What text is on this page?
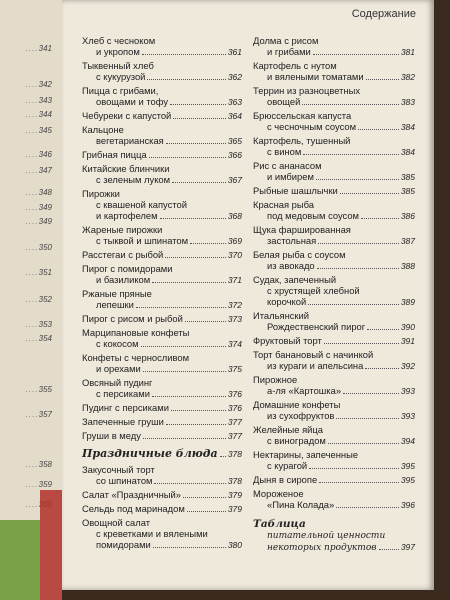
....341
....342
....343
....344
....345
....346
....347
....348
....349
....349
....350
....351
....352
....353
....354
....355
....357
....358
....359
....
Содержание
Хлеб с чесноком
и укропом	361
Тыквенный хлеб
с кукурузой	362
Пицца с грибами,
овощами и тофу	363
Чебуреки с капустой	364
Кальцоне
вегетарианская	365
Грибная пицца	366
Китайские блинчики
с зеленым луком	367
Пирожки
с квашеной капустой
и картофелем	368
Жареные пирожки
с тыквой и шпинатом	369
Расстегаи с рыбой	370
Пирог с помидорами
и базиликом	371
Ржаные пряные
лепешки	372
Пирог с рисом и рыбой	373
Марципановые конфеты
с кокосом	374
Конфеты с черносливом
и орехами	375
Овсяный пудинг
с персиками	376
Пудинг с персиками	376
Запеченные груши	377
Груши в меду	377
Праздничные блюда 378
Закусочный торт
со шпинатом	378
Салат «Праздничный»	379
Сельдь под маринадом	379
Овощной салат
с креветками и вялеными
помидорами	380
Долма с рисом
и грибами	381
Картофель с нутом
и вялеными томатами	382
Террин из разноцветных
овощей	383
Брюссельская капуста
с чесночным соусом	384
Картофель, тушенный
с вином	384
Рис с ананасом
и имбирем	385
Рыбные шашлычки	385
Красная рыба
под медовым соусом	386
Щука фаршированная
застольная	387
Белая рыба с соусом
из авокадо	388
Судак, запеченный
с хрустящей хлебной
корочкой	389
Итальянский
Рождественский пирог	390
Фруктовый торт	391
Торт банановый с начинкой
из кураги и апельсина	392
Пирожное
а-ля «Картошка»	393
Домашние конфеты
из сухофруктов	393
Желейные яйца
с виноградом	394
Нектарины, запеченные
с курагой	395
Дыня в сиропе	395
Мороженое
«Пина Колада»	396
Таблица
питательной ценности
некоторых продуктов	397
